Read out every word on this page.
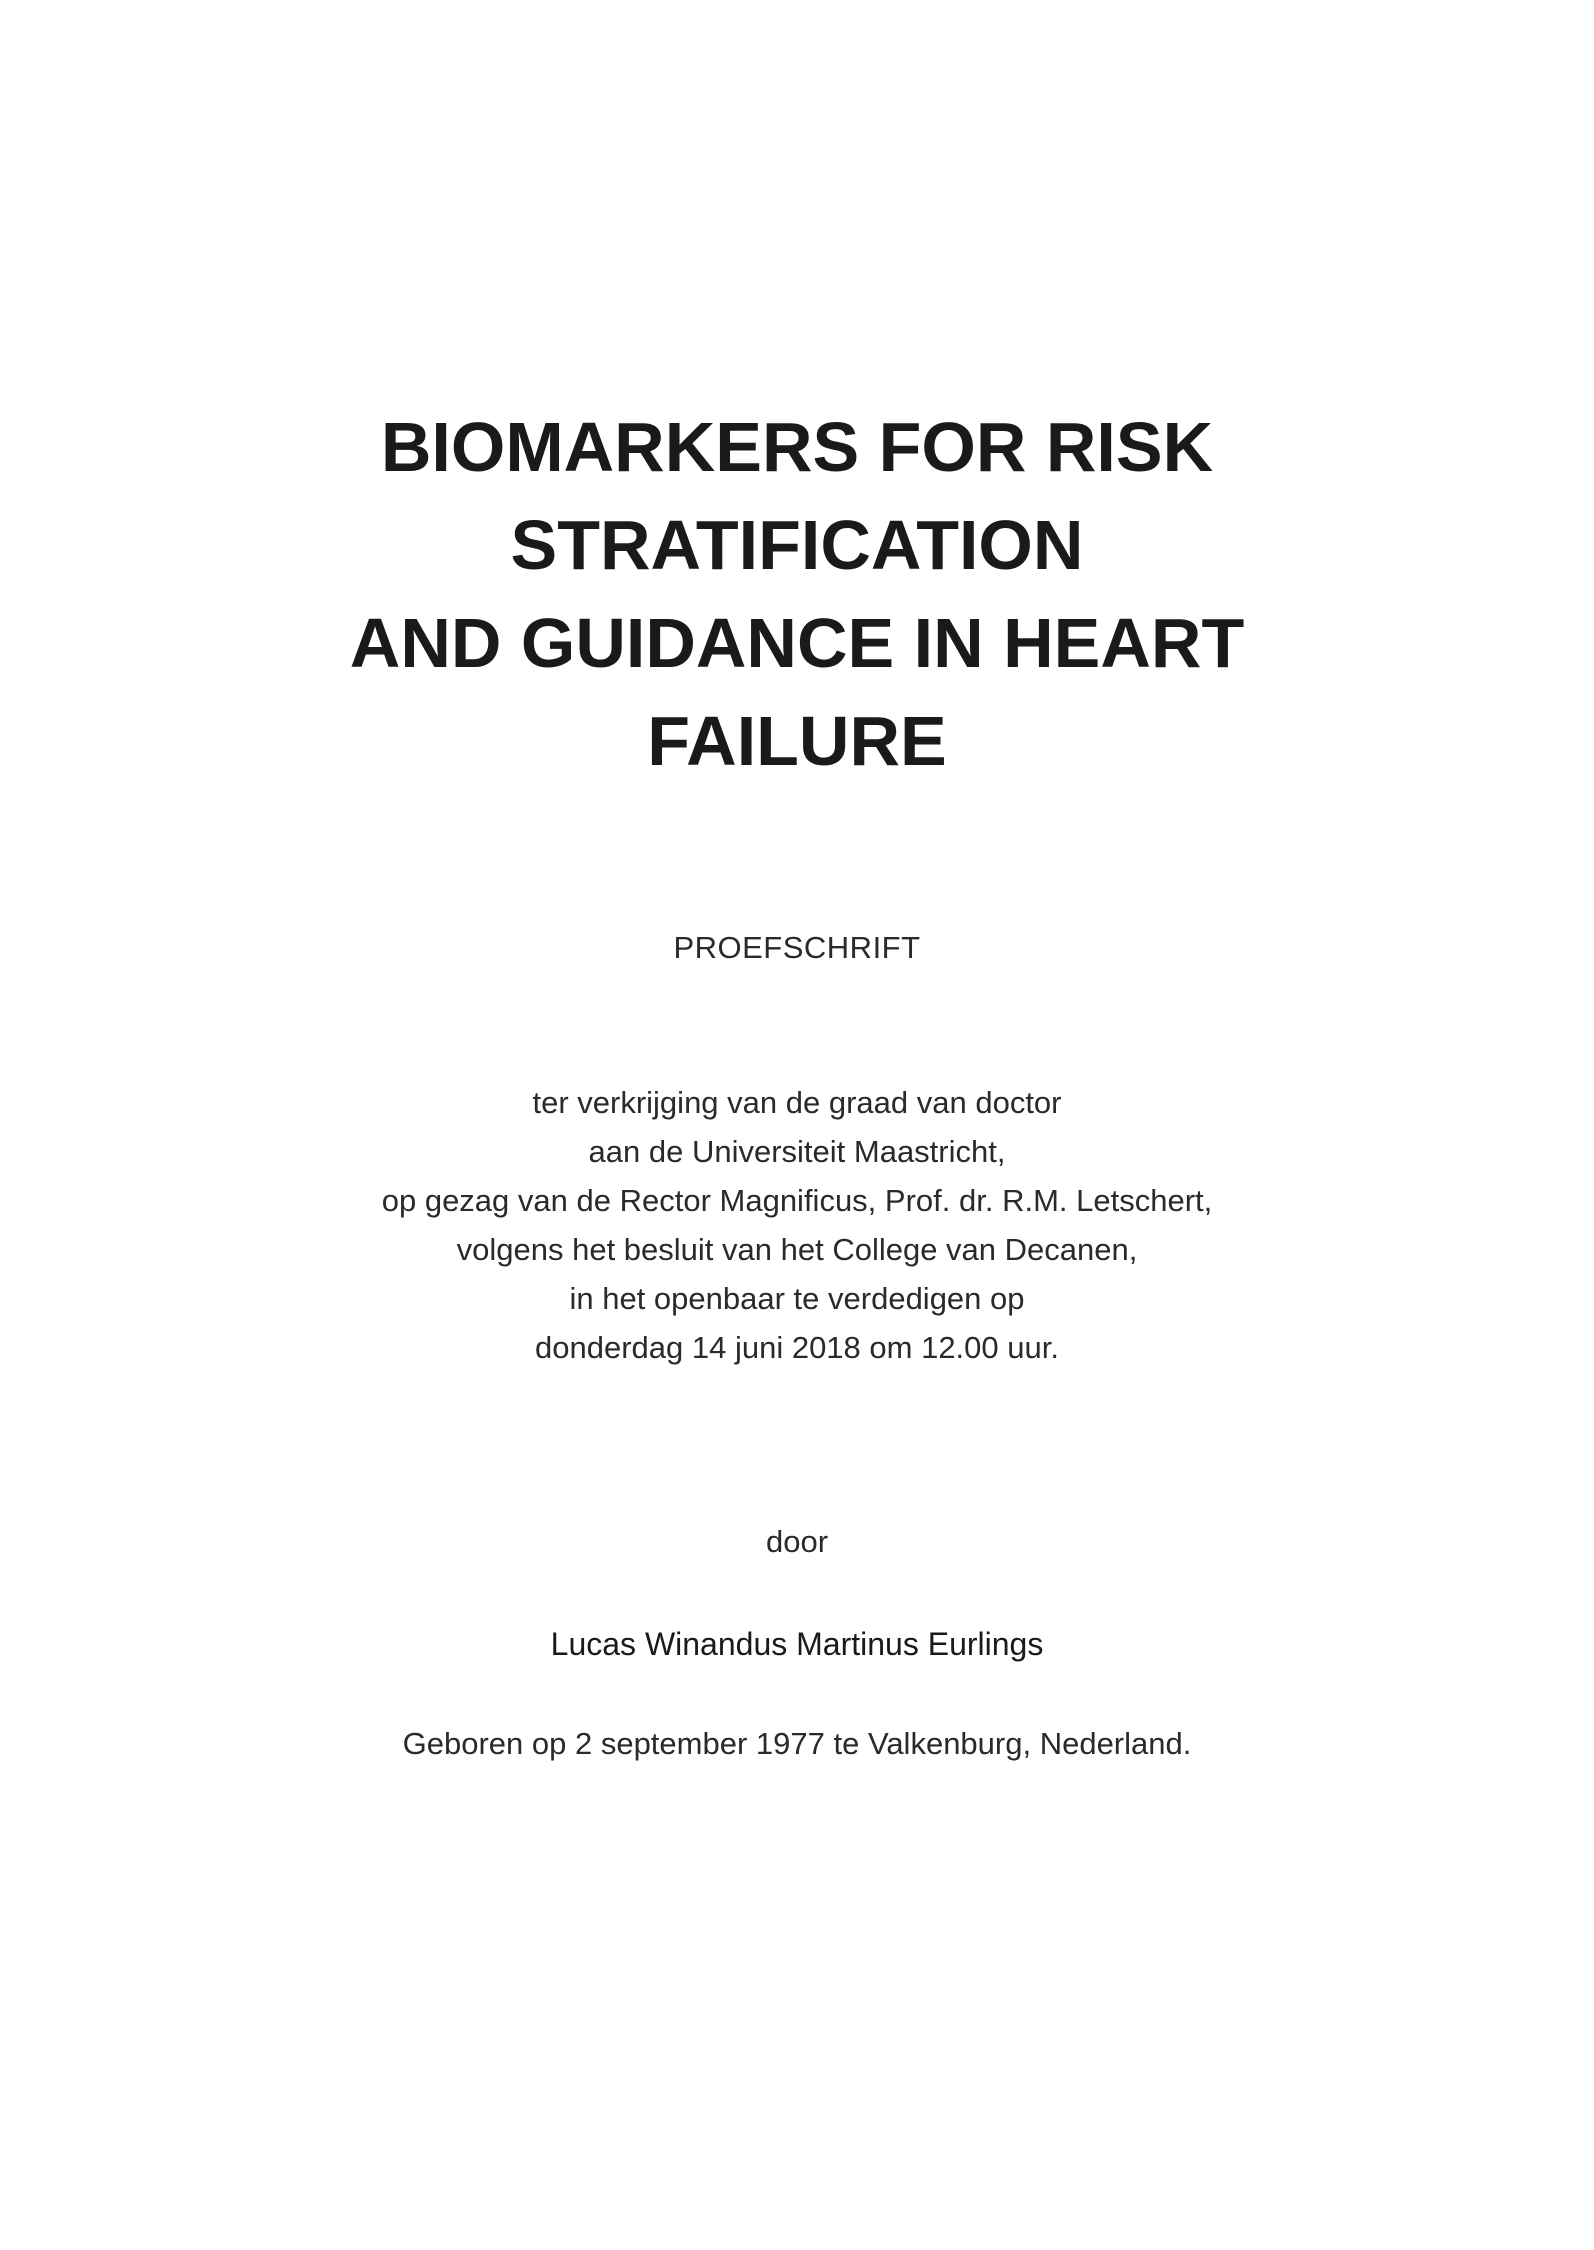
BIOMARKERS FOR RISK
STRATIFICATION
AND GUIDANCE IN HEART
FAILURE
PROEFSCHRIFT
ter verkrijging van de graad van doctor
aan de Universiteit Maastricht,
op gezag van de Rector Magnificus, Prof. dr. R.M. Letschert,
volgens het besluit van het College van Decanen,
in het openbaar te verdedigen op
donderdag 14 juni 2018 om 12.00 uur.
door
Lucas Winandus Martinus Eurlings
Geboren op 2 september 1977 te Valkenburg, Nederland.
